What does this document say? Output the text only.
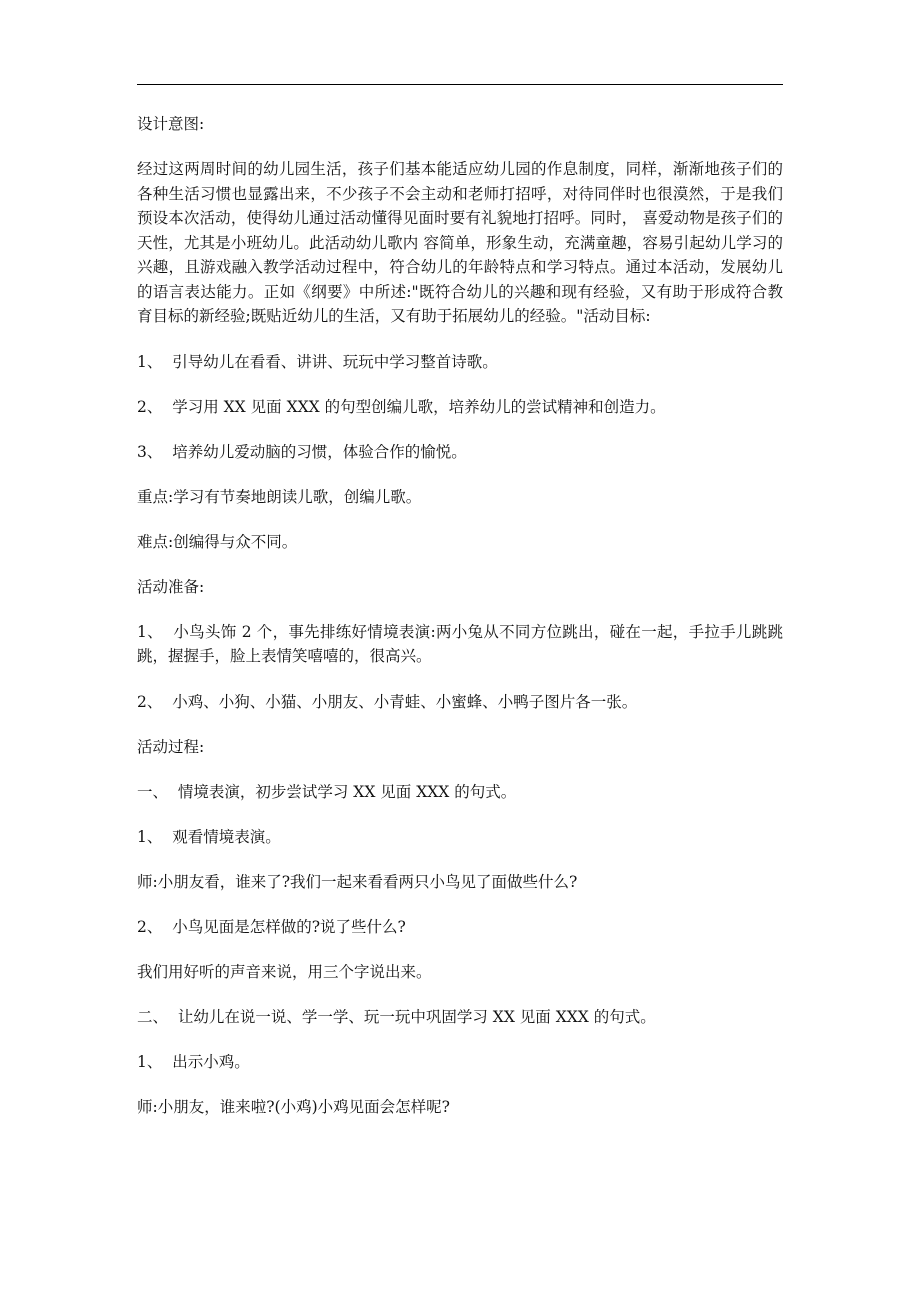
设计意图:

经过这两周时间的幼儿园生活，孩子们基本能适应幼儿园的作息制度，同样，渐渐地孩子们的各种生活习惯也显露出来，不少孩子不会主动和老师打招呼，对待同伴时也很漠然，于是我们预设本次活动，使得幼儿通过活动懂得见面时要有礼貌地打招呼。同时， 喜爱动物是孩子们的天性，尤其是小班幼儿。此活动幼儿歌内 容简单，形象生动，充满童趣，容易引起幼儿学习的兴趣，且游戏融入教学活动过程中，符合幼儿的年龄特点和学习特点。通过本活动，发展幼儿的语言表达能力。正如《纲要》中所述:"既符合幼儿的兴趣和现有经验，又有助于形成符合教育目标的新经验;既贴近幼儿的生活，又有助于拓展幼儿的经验。"活动目标:

1、  引导幼儿在看看、讲讲、玩玩中学习整首诗歌。

2、  学习用 XX 见面 XXX 的句型创编儿歌，培养幼儿的尝试精神和创造力。

3、  培养幼儿爱动脑的习惯，体验合作的愉悦。

重点:学习有节奏地朗读儿歌，创编儿歌。

难点:创编得与众不同。

活动准备:

1、  小鸟头饰 2 个，事先排练好情境表演:两小兔从不同方位跳出，碰在一起，手拉手儿跳跳跳，握握手，脸上表情笑嘻嘻的，很高兴。

2、  小鸡、小狗、小猫、小朋友、小青蛙、小蜜蜂、小鸭子图片各一张。

活动过程:

一、  情境表演，初步尝试学习 XX 见面 XXX 的句式。

1、  观看情境表演。

师:小朋友看，谁来了?我们一起来看看两只小鸟见了面做些什么?

2、  小鸟见面是怎样做的?说了些什么?

我们用好听的声音来说，用三个字说出来。

二、  让幼儿在说一说、学一学、玩一玩中巩固学习 XX 见面 XXX 的句式。

1、  出示小鸡。

师:小朋友，谁来啦?(小鸡)小鸡见面会怎样呢?
